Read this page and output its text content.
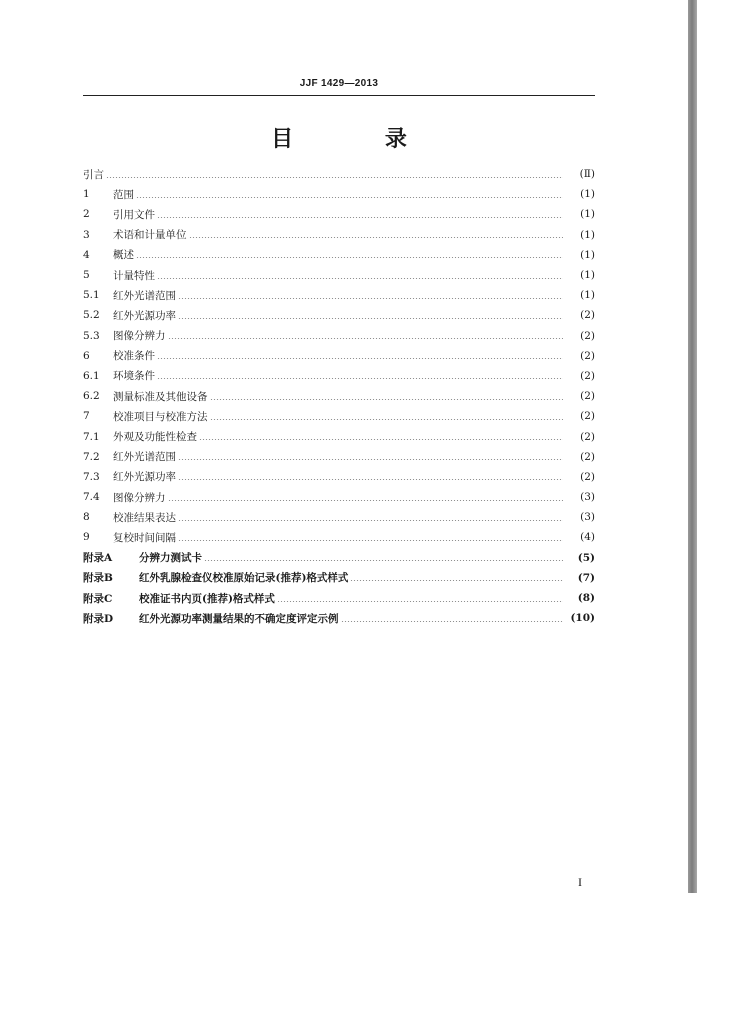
JJF 1429—2013
目 录
引言	(Ⅱ)
1	范围	(1)
2	引用文件	(1)
3	术语和计量单位	(1)
4	概述	(1)
5	计量特性	(1)
5.1	红外光谱范围	(1)
5.2	红外光源功率	(2)
5.3	图像分辨力	(2)
6	校准条件	(2)
6.1	环境条件	(2)
6.2	测量标准及其他设备	(2)
7	校准项目与校准方法	(2)
7.1	外观及功能性检查	(2)
7.2	红外光谱范围	(2)
7.3	红外光源功率	(2)
7.4	图像分辨力	(3)
8	校准结果表达	(3)
9	复校时间间隔	(4)
附录A	分辨力测试卡	(5)
附录B	红外乳腺检查仪校准原始记录(推荐)格式样式	(7)
附录C	校准证书内页(推荐)格式样式	(8)
附录D	红外光源功率测量结果的不确定度评定示例	(10)
I
